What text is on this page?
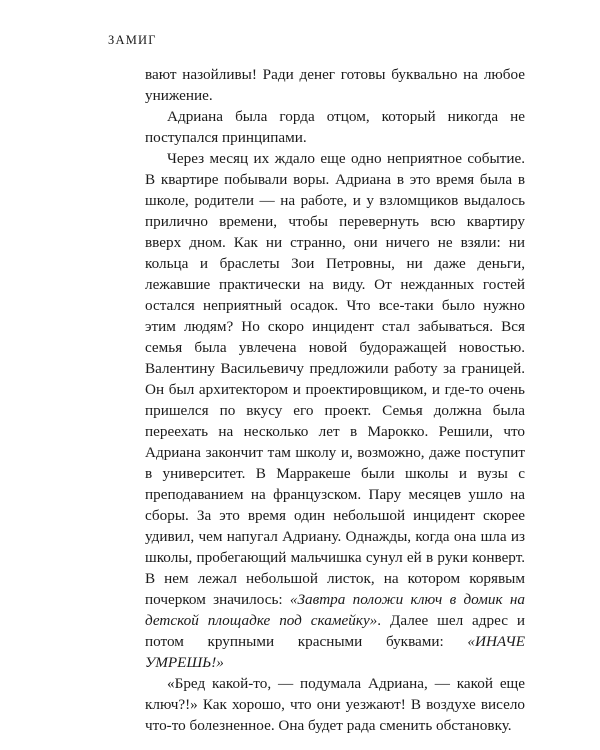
ЗАМИГ

вают назойливы! Ради денег готовы буквально на любое унижение.

Адриана была горда отцом, который никогда не поступался принципами.

Через месяц их ждало еще одно неприятное событие. В квартире побывали воры. Адриана в это время была в школе, родители — на работе, и у взломщиков выдалось прилично времени, чтобы перевернуть всю квартиру вверх дном. Как ни странно, они ничего не взяли: ни кольца и браслеты Зои Петровны, ни даже деньги, лежавшие практически на виду. От нежданных гостей остался неприятный осадок. Что все-таки было нужно этим людям? Но скоро инцидент стал забываться. Вся семья была увлечена новой будоражащей новостью. Валентину Васильевичу предложили работу за границей. Он был архитектором и проектировщиком, и где-то очень пришелся по вкусу его проект. Семья должна была переехать на несколько лет в Марокко. Решили, что Адриана закончит там школу и, возможно, даже поступит в университет. В Марракеше были школы и вузы с преподаванием на французском. Пару месяцев ушло на сборы. За это время один небольшой инцидент скорее удивил, чем напугал Адриану. Однажды, когда она шла из школы, пробегающий мальчишка сунул ей в руки конверт. В нем лежал небольшой листок, на котором корявым почерком значилось: «Завтра положи ключ в домик на детской площадке под скамейку». Далее шел адрес и потом крупными красными буквами: «ИНАЧЕ УМРЕШЬ!»

«Бред какой-то, — подумала Адриана, — какой еще ключ?!» Как хорошо, что они уезжают! В воздухе висело что-то болезненное. Она будет рада сменить обстановку.
